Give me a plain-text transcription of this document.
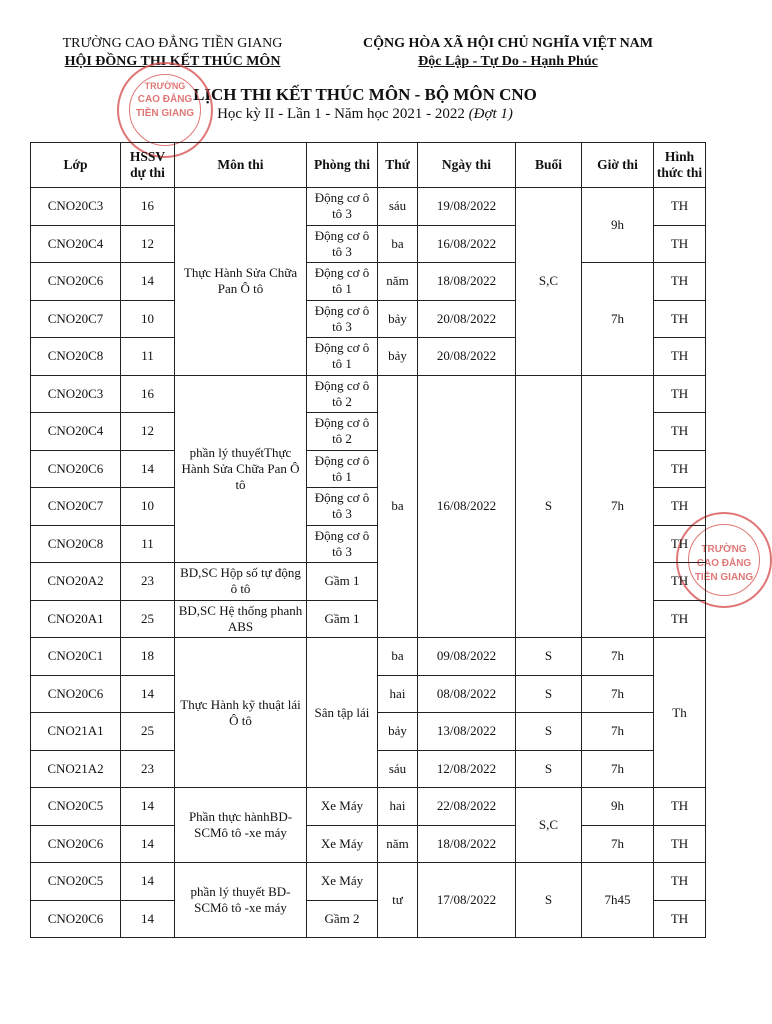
TRƯỜNG CAO ĐẲNG TIỀN GIANG
HỘI ĐỒNG THI KẾT THÚC MÔN
CỘNG HÒA XÃ HỘI CHỦ NGHĨA VIỆT NAM
Độc Lập - Tự Do - Hạnh Phúc
LỊCH THI KẾT THÚC MÔN - BỘ MÔN CNO
Học kỳ II - Lần 1 - Năm học 2021 - 2022 (Đợt 1)
TRƯỜNG
CAO ĐẲNG
TIỀN GIANG
TRƯỜNG
CAO ĐẲNG
TIỀN GIANG
Lớp	HSSV dự thi	Môn thi	Phòng thi	Thứ	Ngày thi	Buổi	Giờ thi	Hình thức thi
CNO20C3	16	Thực Hành Sửa Chữa Pan Ô tô	Động cơ ô tô 3	sáu	19/08/2022	S,C	9h	TH
CNO20C4	12		Động cơ ô tô 3	ba	16/08/2022			TH
CNO20C6	14		Động cơ ô tô 1	năm	18/08/2022		7h	TH
CNO20C7	10		Động cơ ô tô 3	bảy	20/08/2022			TH
CNO20C8	11		Động cơ ô tô 1	bảy	20/08/2022			TH
CNO20C3	16	phần lý thuyếtThực Hành Sửa Chữa Pan Ô tô	Động cơ ô tô 2	ba	16/08/2022	S	7h	TH
CNO20C4	12		Động cơ ô tô 2					TH
CNO20C6	14		Động cơ ô tô 1					TH
CNO20C7	10		Động cơ ô tô 3					TH
CNO20C8	11		Động cơ ô tô 3					TH
CNO20A2	23	BD,SC Hộp số tự động ô tô	Gầm 1					TH
CNO20A1	25	BD,SC Hệ thống phanh ABS	Gầm 1					TH
CNO20C1	18	Thực Hành kỹ thuật lái Ô tô	Sân tập lái	ba	09/08/2022	S	7h	Th
CNO20C6	14			hai	08/08/2022	S	7h	
CNO21A1	25			bảy	13/08/2022	S	7h	
CNO21A2	23			sáu	12/08/2022	S	7h	
CNO20C5	14	Phần thực hànhBD-SCMô tô -xe máy	Xe Máy	hai	22/08/2022	S,C	9h	TH
CNO20C6	14		Xe Máy	năm	18/08/2022		7h	TH
CNO20C5	14	phần lý thuyết BD-SCMô tô -xe máy	Xe Máy	tư	17/08/2022	S	7h45	TH
CNO20C6	14		Gầm 2					TH
